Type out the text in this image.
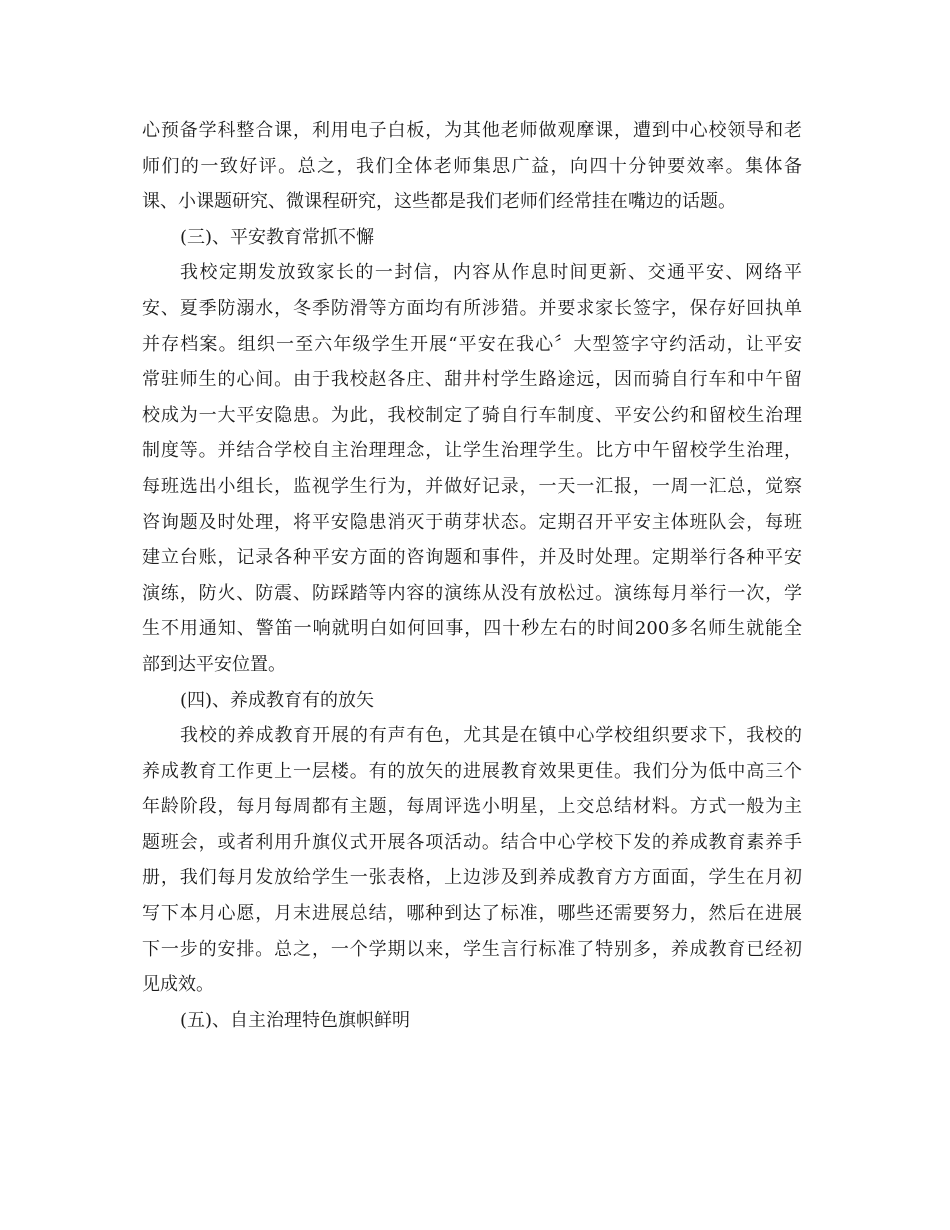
心预备学科整合课，利用电子白板，为其他老师做观摩课，遭到中心校领导和老
师们的一致好评。总之，我们全体老师集思广益，向四十分钟要效率。集体备
课、小课题研究、微课程研究，这些都是我们老师们经常挂在嘴边的话题。
(三)、平安教育常抓不懈
我校定期发放致家长的一封信，内容从作息时间更新、交通平安、网络平
安、夏季防溺水，冬季防滑等方面均有所涉猎。并要求家长签字，保存好回执单
并存档案。组织一至六年级学生开展“平安在我心〞大型签字守约活动，让平安
常驻师生的心间。由于我校赵各庄、甜井村学生路途远，因而骑自行车和中午留
校成为一大平安隐患。为此，我校制定了骑自行车制度、平安公约和留校生治理
制度等。并结合学校自主治理理念，让学生治理学生。比方中午留校学生治理，
每班选出小组长，监视学生行为，并做好记录，一天一汇报，一周一汇总，觉察
咨询题及时处理，将平安隐患消灭于萌芽状态。定期召开平安主体班队会，每班
建立台账，记录各种平安方面的咨询题和事件，并及时处理。定期举行各种平安
演练，防火、防震、防踩踏等内容的演练从没有放松过。演练每月举行一次，学
生不用通知、警笛一响就明白如何回事，四十秒左右的时间200多名师生就能全
部到达平安位置。
(四)、养成教育有的放矢
我校的养成教育开展的有声有色，尤其是在镇中心学校组织要求下，我校的
养成教育工作更上一层楼。有的放矢的进展教育效果更佳。我们分为低中高三个
年龄阶段，每月每周都有主题，每周评选小明星，上交总结材料。方式一般为主
题班会，或者利用升旗仪式开展各项活动。结合中心学校下发的养成教育素养手
册，我们每月发放给学生一张表格，上边涉及到养成教育方方面面，学生在月初
写下本月心愿，月末进展总结，哪种到达了标准，哪些还需要努力，然后在进展
下一步的安排。总之，一个学期以来，学生言行标准了特别多，养成教育已经初
见成效。
(五)、自主治理特色旗帜鲜明
